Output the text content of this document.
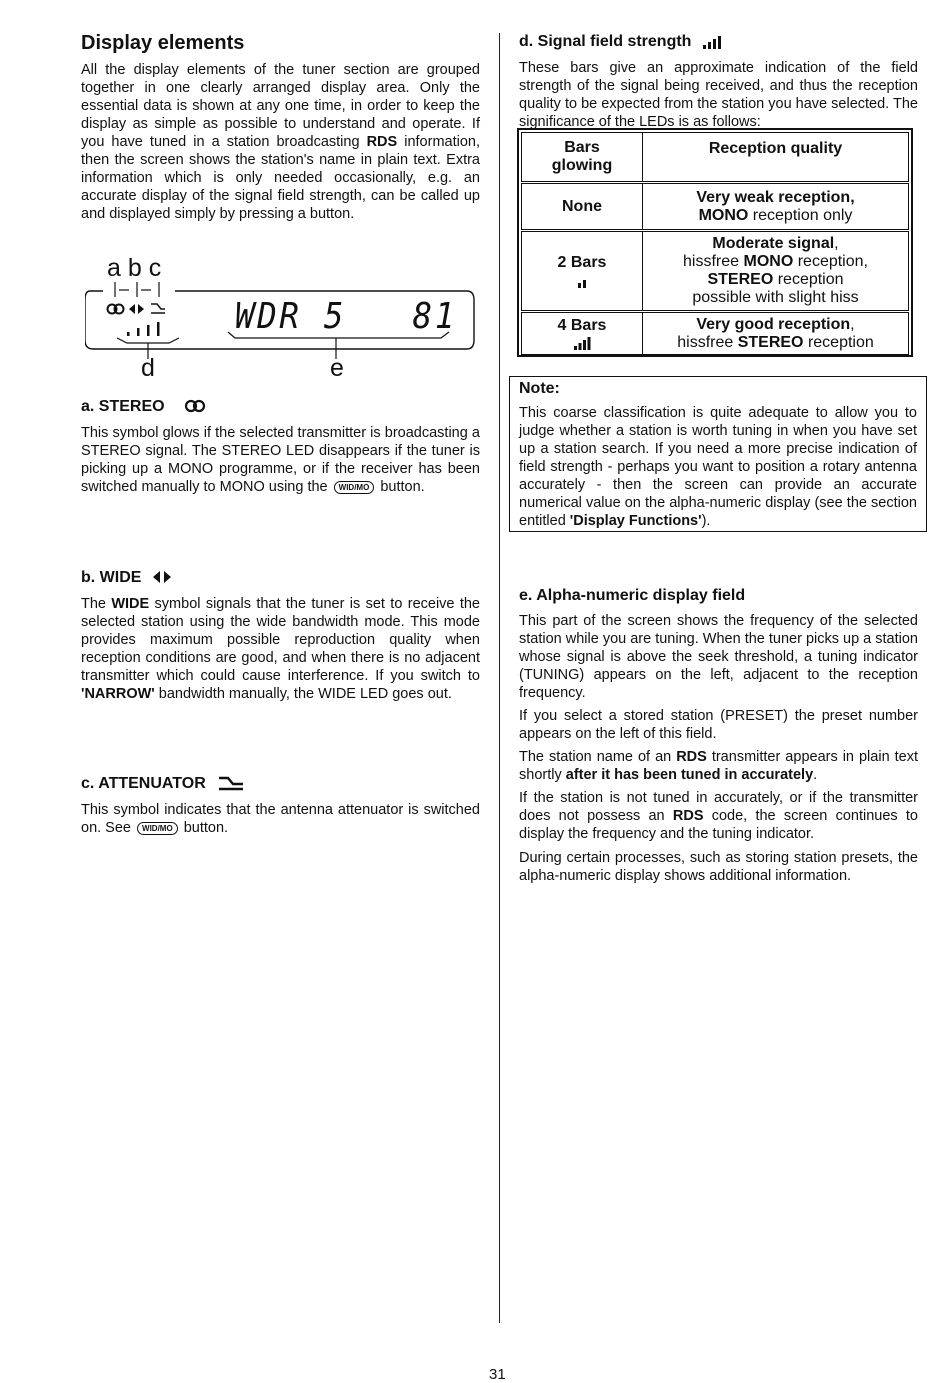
Display elements

All the display elements of the tuner section are grouped together in one clearly arranged display area. Only the essential data is shown at any one time, in order to keep the display as simple as possible to understand and operate. If you have tuned in a station broadcasting RDS information, then the screen shows the station's name in plain text. Extra information which is only needed occasionally, e.g. an accurate display of the signal field strength, can be called up and displayed simply by pressing a button.

a b c
WDR 5   81
d	e
a. STEREO

This symbol glows if the selected transmitter is broadcasting a STEREO signal. The STEREO LED disappears if the tuner is picking up a MONO programme, or if the receiver has been switched manually to MONO using the WID/MO button.

b. WIDE

The WIDE symbol signals that the tuner is set to receive the selected station using the wide bandwidth mode. This mode provides maximum possible reproduction quality when reception conditions are good, and when there is no adjacent transmitter which could cause interference. If you switch to 'NARROW' bandwidth manually, the WIDE LED goes out.

c. ATTENUATOR

This symbol indicates that the antenna attenuator is switched on. See WID/MO button.

d. Signal field strength

These bars give an approximate indication of the field strength of the signal being received, and thus the reception quality to be expected from the station you have selected. The significance of the LEDs is as follows:

Bars glowing
Reception quality
None
Very weak reception,
MONO reception only
2 Bars
Moderate signal,
hissfree MONO reception,
STEREO reception
possible with slight hiss
4 Bars	Very good reception,
hissfree STEREO reception
Note:

This coarse classification is quite adequate to allow you to judge whether a station is worth tuning in when you have set up a station search. If you need a more precise indication of field strength - perhaps you want to position a rotary antenna accurately - then the screen can provide an accurate numerical value on the alpha-numeric display (see the section entitled 'Display Functions').

e. Alpha-numeric display field

This part of the screen shows the frequency of the selected station while you are tuning. When the tuner picks up a station whose signal is above the seek threshold, a tuning indicator (TUNING) appears on the left, adjacent to the reception frequency.

If you select a stored station (PRESET) the preset number appears on the left of this field.

The station name of an RDS transmitter appears in plain text shortly after it has been tuned in accurately.

If the station is not tuned in accurately, or if the transmitter does not possess an RDS code, the screen continues to display the frequency and the tuning indicator.

During certain processes, such as storing station presets, the alpha-numeric display shows additional information.

31
